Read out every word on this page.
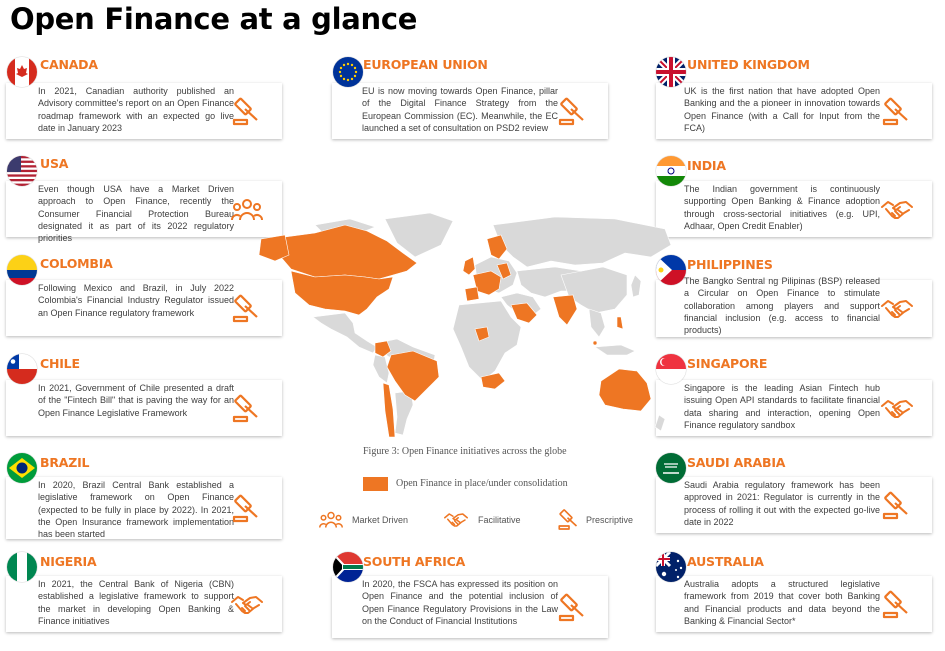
Open Finance at a glance
In 2021, Canadian authority published an Advisory committee's report on an Open Finance roadmap framework with an expected go live date in January 2023
CANADA
Even though USA have a Market Driven approach to Open Finance, recently the Consumer Financial Protection Bureau designated it as part of its 2022 regulatory priorities
USA
Following Mexico and Brazil, in July 2022 Colombia's Financial Industry Regulator issued an Open Finance regulatory framework
COLOMBIA
In 2021, Government of Chile presented a draft of the "Fintech Bill" that is paving the way for an Open Finance Legislative Framework
CHILE
In 2020, Brazil Central Bank established a legislative framework on Open Finance (expected to be fully in place by 2022). In 2021, the Open Insurance framework implementation has been started
BRAZIL
In 2021, the Central Bank of Nigeria (CBN) established a legislative framework to support the market in developing Open Banking & Finance initiatives
NIGERIA
EU is now moving towards Open Finance, pillar of the Digital Finance Strategy from the European Commission (EC). Meanwhile, the EC launched a set of consultation on PSD2 review
EUROPEAN UNION
In 2020, the FSCA has expressed its position on Open Finance and the potential inclusion of Open Finance Regulatory Provisions in the Law on the Conduct of Financial Institutions
SOUTH AFRICA
UK is the first nation that have adopted Open Banking and the a pioneer in innovation towards Open Finance (with a Call for Input from the FCA)
UNITED KINGDOM
The Indian government is continuously supporting Open Banking & Finance adoption through cross-sectorial initiatives (e.g. UPI, Adhaar, Open Credit Enabler)
INDIA
The Bangko Sentral ng Pilipinas (BSP) released a Circular on Open Finance to stimulate collaboration among players and support financial inclusion (e.g. access to financial products)
PHILIPPINES
Singapore is the leading Asian Fintech hub issuing Open API standards to facilitate financial data sharing and interaction, opening Open Finance regulatory sandbox
SINGAPORE
Saudi Arabia regulatory framework has been approved in 2021: Regulator is currently in the process of rolling it out with the expected go-live date in 2022
SAUDI ARABIA
Australia adopts a structured legislative framework from 2019 that cover both Banking and Financial products and data beyond the Banking & Financial Sector*
AUSTRALIA
Figure 3: Open Finance initiatives across the globe
Open Finance in place/under consolidation
Market Driven	Facilitative	Prescriptive
